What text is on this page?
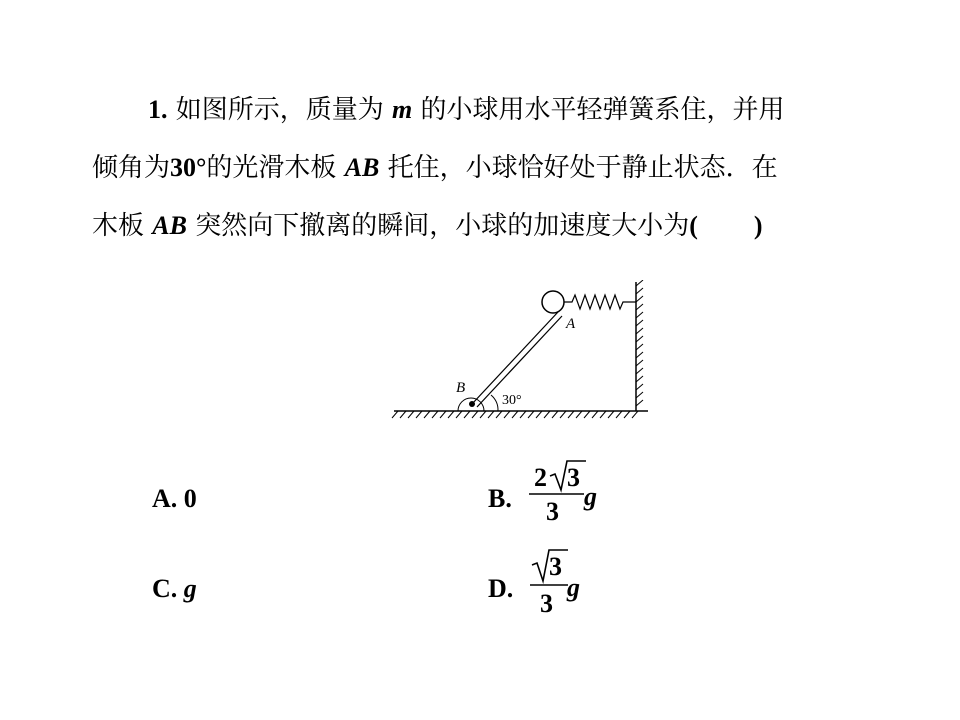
1. 如图所示，质量为 m 的小球用水平轻弹簧系住，并用
倾角为30°的光滑木板 AB 托住，小球恰好处于静止状态．在
木板 AB 突然向下撤离的瞬间，小球的加速度大小为( )
A
B
30°
A. 0	B.
2 3
3
g
C. g	D.
3
3
g
